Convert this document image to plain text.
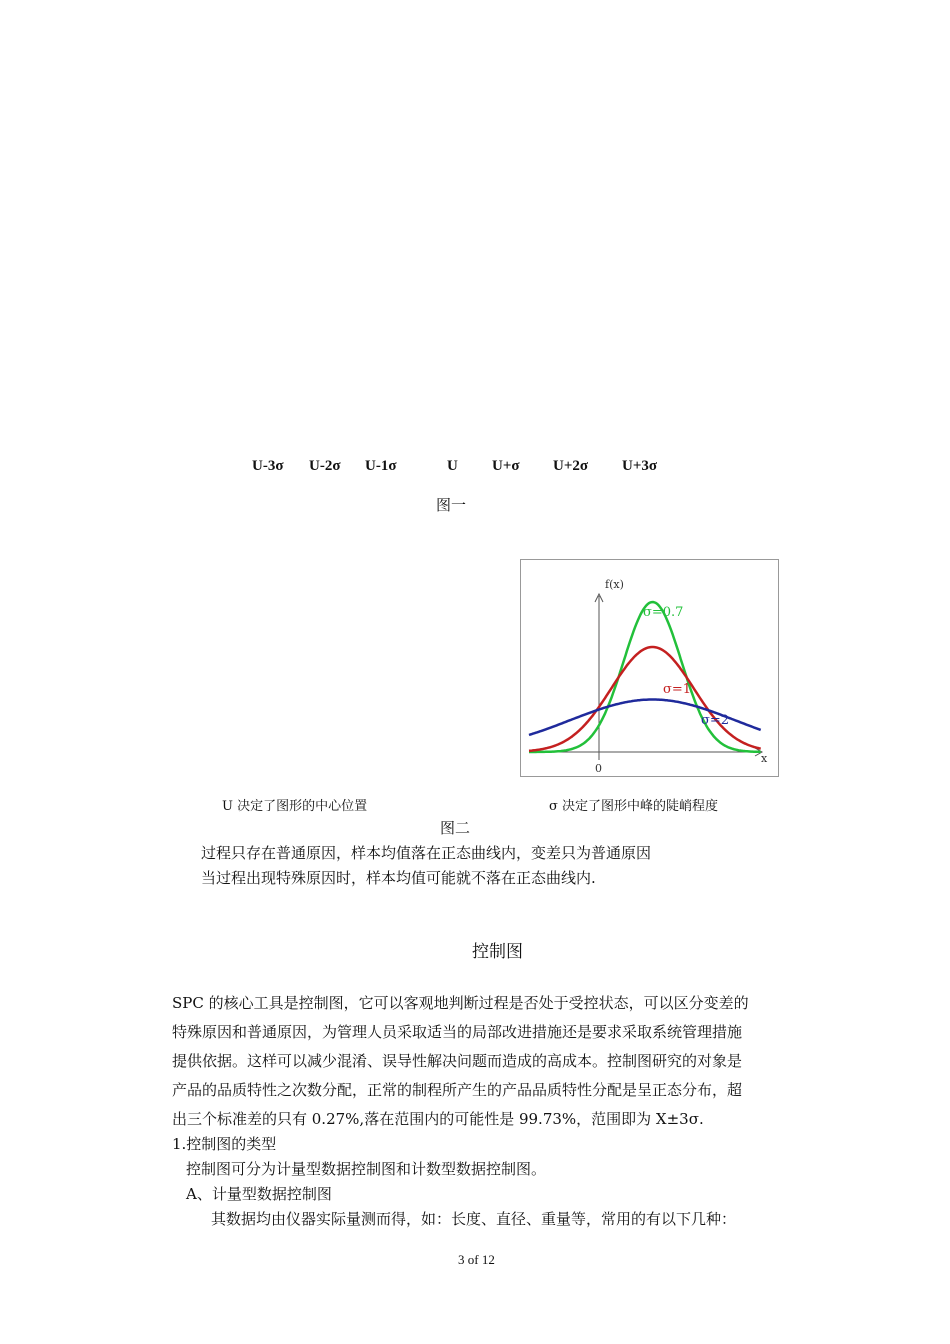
U-3σ U-2σ U-1σ	U U+σ U+2σ U+3σ
图一
f(x)
x
0
σ=0.7
σ=1
σ=2
U 决定了图形的中心位置	σ 决定了图形中峰的陡峭程度
图二
过程只存在普通原因，样本均值落在正态曲线内，变差只为普通原因
当过程出现特殊原因时，样本均值可能就不落在正态曲线内.
控制图
SPC 的核心工具是控制图，它可以客观地判断过程是否处于受控状态，可以区分变差的
特殊原因和普通原因，为管理人员采取适当的局部改进措施还是要求采取系统管理措施
提供依据。这样可以减少混淆、误导性解决问题而造成的高成本。控制图研究的对象是
产品的品质特性之次数分配，正常的制程所产生的产品品质特性分配是呈正态分布，超
出三个标准差的只有 0.27%,落在范围内的可能性是 99.73%，范围即为 X±3σ.
1.控制图的类型
控制图可分为计量型数据控制图和计数型数据控制图。
A、计量型数据控制图
其数据均由仪器实际量测而得，如：长度、直径、重量等，常用的有以下几种：
3 of 12
